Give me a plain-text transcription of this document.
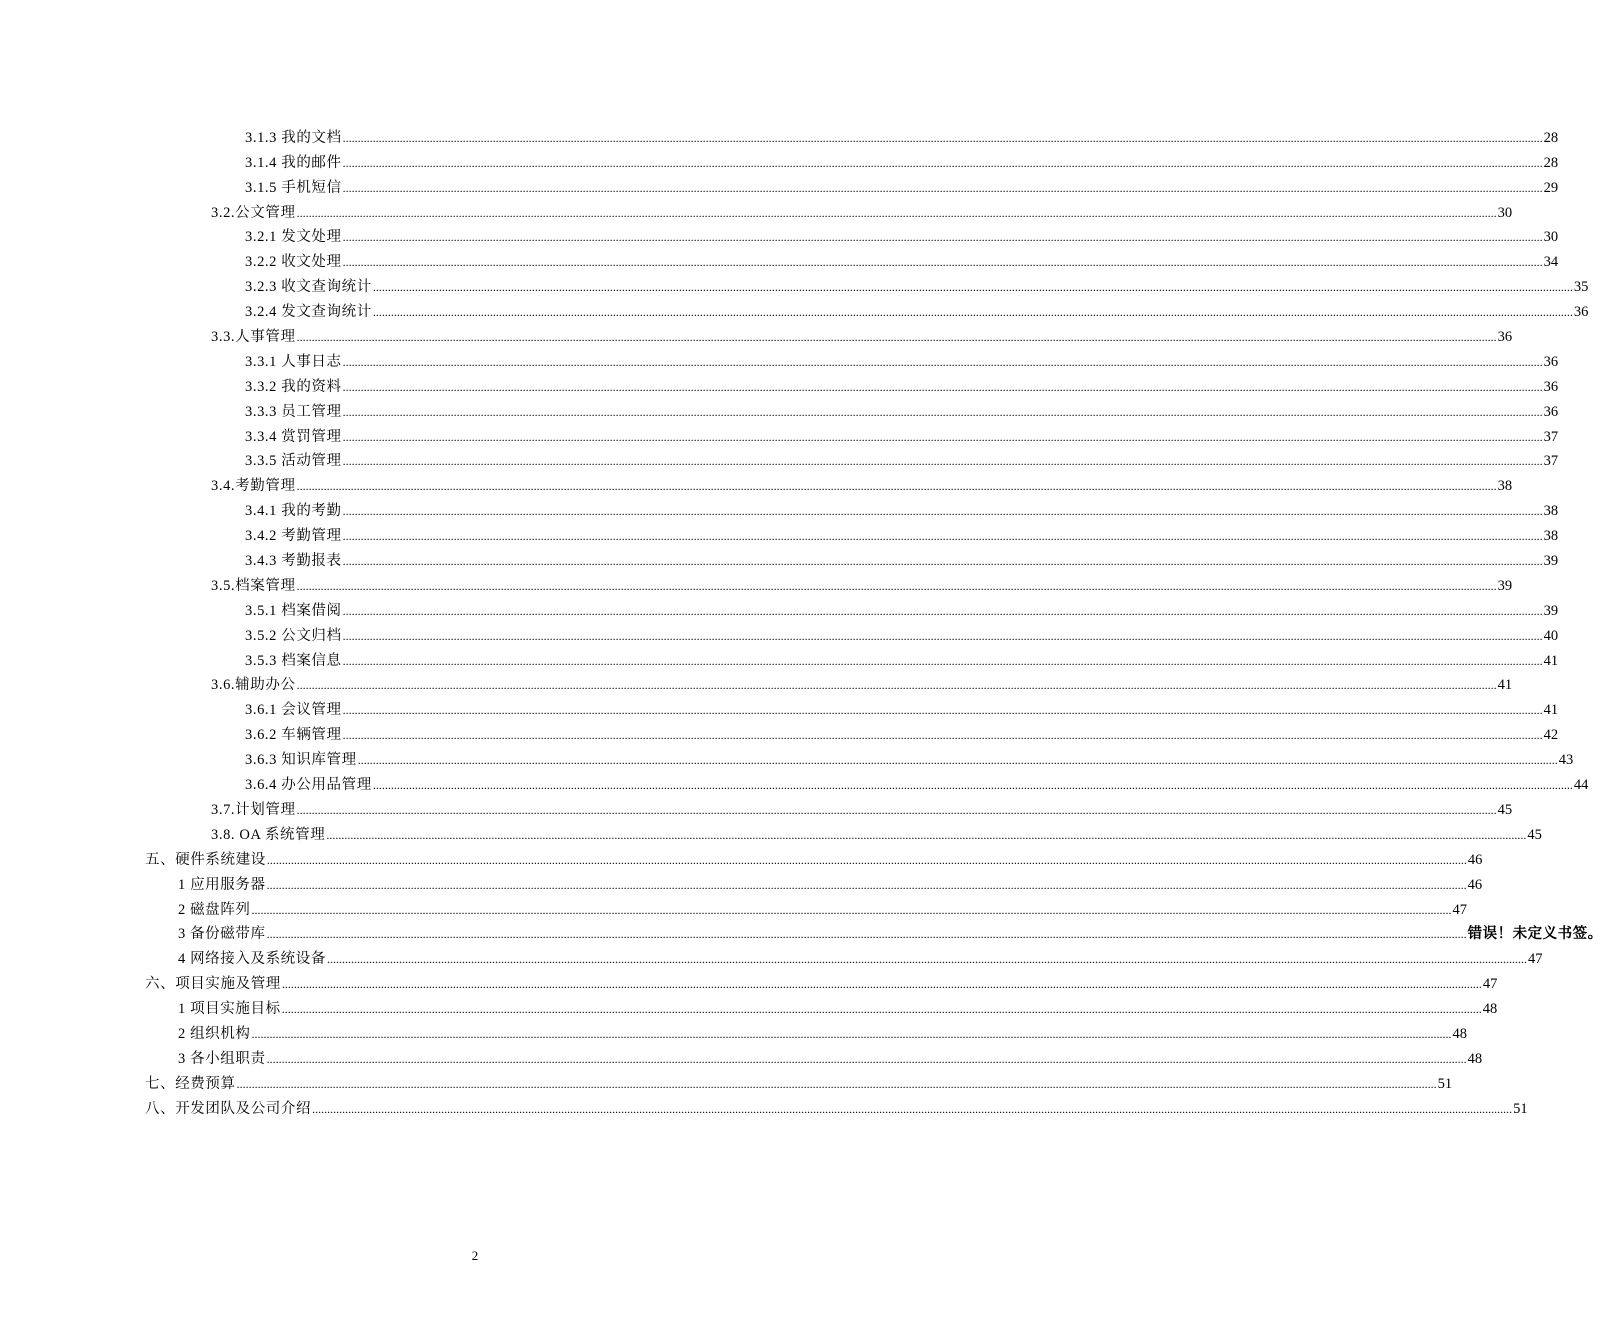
3.1.3 我的文档 ................................................................................................................................................................................................................................................................................................................................................................................................................ 28
3.1.4 我的邮件 ................................................................................................................................................................................................................................................................................................................................................................................................................ 28
3.1.5 手机短信 ................................................................................................................................................................................................................................................................................................................................................................................................................ 29
3.2.公文管理 ................................................................................................................................................................................................................................................................................................................................................................................................................ 30
3.2.1 发文处理 ................................................................................................................................................................................................................................................................................................................................................................................................................ 30
3.2.2 收文处理 ................................................................................................................................................................................................................................................................................................................................................................................................................ 34
3.2.3 收文查询统计 ................................................................................................................................................................................................................................................................................................................................................................................................................ 35
3.2.4 发文查询统计 ................................................................................................................................................................................................................................................................................................................................................................................................................ 36
3.3.人事管理 ................................................................................................................................................................................................................................................................................................................................................................................................................ 36
3.3.1 人事日志 ................................................................................................................................................................................................................................................................................................................................................................................................................ 36
3.3.2 我的资料 ................................................................................................................................................................................................................................................................................................................................................................................................................ 36
3.3.3 员工管理 ................................................................................................................................................................................................................................................................................................................................................................................................................ 36
3.3.4 赏罚管理 ................................................................................................................................................................................................................................................................................................................................................................................................................ 37
3.3.5 活动管理 ................................................................................................................................................................................................................................................................................................................................................................................................................ 37
3.4.考勤管理 ................................................................................................................................................................................................................................................................................................................................................................................................................ 38
3.4.1 我的考勤 ................................................................................................................................................................................................................................................................................................................................................................................................................ 38
3.4.2 考勤管理 ................................................................................................................................................................................................................................................................................................................................................................................................................ 38
3.4.3 考勤报表 ................................................................................................................................................................................................................................................................................................................................................................................................................ 39
3.5.档案管理 ................................................................................................................................................................................................................................................................................................................................................................................................................ 39
3.5.1 档案借阅 ................................................................................................................................................................................................................................................................................................................................................................................................................ 39
3.5.2 公文归档 ................................................................................................................................................................................................................................................................................................................................................................................................................ 40
3.5.3 档案信息 ................................................................................................................................................................................................................................................................................................................................................................................................................ 41
3.6.辅助办公 ................................................................................................................................................................................................................................................................................................................................................................................................................ 41
3.6.1 会议管理 ................................................................................................................................................................................................................................................................................................................................................................................................................ 41
3.6.2 车辆管理 ................................................................................................................................................................................................................................................................................................................................................................................................................ 42
3.6.3 知识库管理 ................................................................................................................................................................................................................................................................................................................................................................................................................ 43
3.6.4 办公用品管理 ................................................................................................................................................................................................................................................................................................................................................................................................................ 44
3.7.计划管理 ................................................................................................................................................................................................................................................................................................................................................................................................................ 45
3.8. OA 系统管理 ................................................................................................................................................................................................................................................................................................................................................................................................................ 45
五、硬件系统建设 ................................................................................................................................................................................................................................................................................................................................................................................................................ 46
1 应用服务器 ................................................................................................................................................................................................................................................................................................................................................................................................................ 46
2 磁盘阵列 ................................................................................................................................................................................................................................................................................................................................................................................................................ 47
3 备份磁带库 ................................................................................................................................................................................................................................................................................................................................................................................................................ 错误！未定义书签。
4 网络接入及系统设备 ................................................................................................................................................................................................................................................................................................................................................................................................................ 47
六、项目实施及管理 ................................................................................................................................................................................................................................................................................................................................................................................................................ 47
1 项目实施目标 ................................................................................................................................................................................................................................................................................................................................................................................................................ 48
2 组织机构 ................................................................................................................................................................................................................................................................................................................................................................................................................ 48
3 各小组职责 ................................................................................................................................................................................................................................................................................................................................................................................................................ 48
七、经费预算 ................................................................................................................................................................................................................................................................................................................................................................................................................ 51
八、开发团队及公司介绍 ................................................................................................................................................................................................................................................................................................................................................................................................................ 51
2
